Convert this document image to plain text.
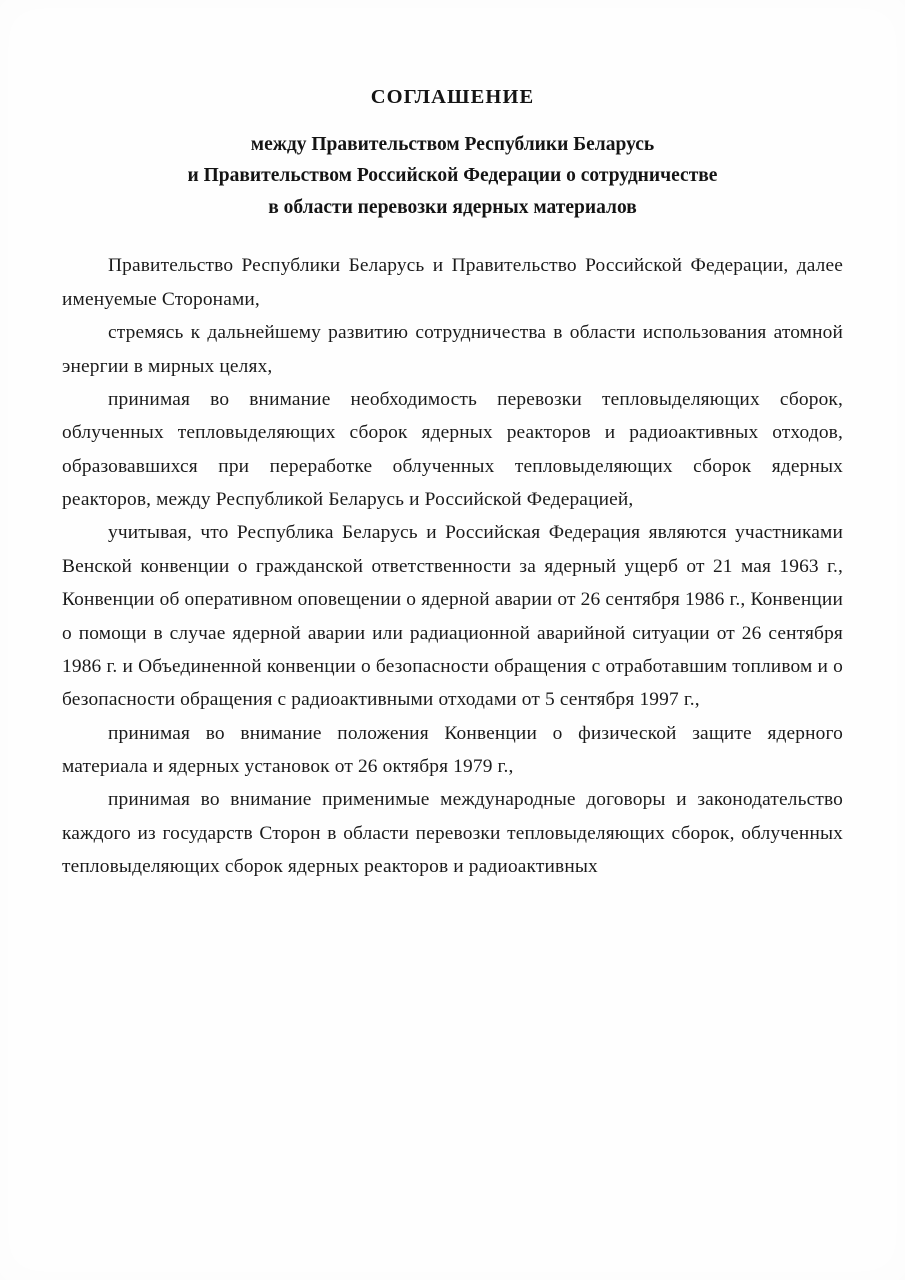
СОГЛАШЕНИЕ
между Правительством Республики Беларусь
и Правительством Российской Федерации о сотрудничестве
в области перевозки ядерных материалов

Правительство Республики Беларусь и Правительство Российской Федерации, далее именуемые Сторонами,

стремясь к дальнейшему развитию сотрудничества в области использования атомной энергии в мирных целях,

принимая во внимание необходимость перевозки тепловыделяющих сборок, облученных тепловыделяющих сборок ядерных реакторов и радиоактивных отходов, образовавшихся при переработке облученных тепловыделяющих сборок ядерных реакторов, между Республикой Беларусь и Российской Федерацией,

учитывая, что Республика Беларусь и Российская Федерация являются участниками Венской конвенции о гражданской ответственности за ядерный ущерб от 21 мая 1963 г., Конвенции об оперативном оповещении о ядерной аварии от 26 сентября 1986 г., Конвенции о помощи в случае ядерной аварии или радиационной аварийной ситуации от 26 сентября 1986 г. и Объединенной конвенции о безопасности обращения с отработавшим топливом и о безопасности обращения с радиоактивными отходами от 5 сентября 1997 г.,

принимая во внимание положения Конвенции о физической защите ядерного материала и ядерных установок от 26 октября 1979 г.,

принимая во внимание применимые международные договоры и законодательство каждого из государств Сторон в области перевозки тепловыделяющих сборок, облученных тепловыделяющих сборок ядерных реакторов и радиоактивных
